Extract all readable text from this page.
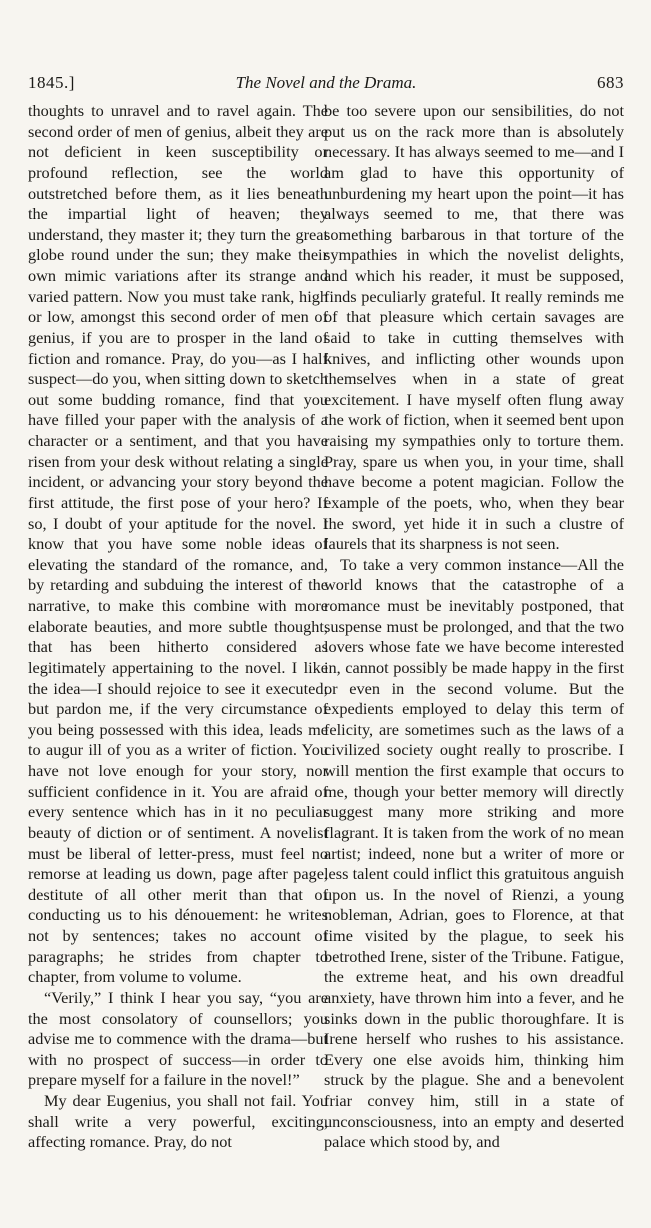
1845.]	The Novel and the Drama.	683

thoughts to unravel and to ravel again. The second order of men of genius, albeit they are not deficient in keen susceptibility or profound reflection, see the world outstretched before them, as it lies beneath the impartial light of heaven; they understand, they master it; they turn the great globe round under the sun; they make their own mimic variations after its strange and varied pattern. Now you must take rank, high or low, amongst this second order of men of genius, if you are to prosper in the land of fiction and romance. Pray, do you—as I half suspect—do you, when sitting down to sketch out some budding romance, find that you have filled your paper with the analysis of a character or a sentiment, and that you have risen from your desk without relating a single incident, or advancing your story beyond the first attitude, the first pose of your hero? If so, I doubt of your aptitude for the novel. I know that you have some noble ideas of elevating the standard of the romance, and, by retarding and subduing the interest of the narrative, to make this combine with more elaborate beauties, and more subtle thought, that has been hitherto considered as legitimately appertaining to the novel. I like the idea—I should rejoice to see it executed; but pardon me, if the very circumstance of you being possessed with this idea, leads me to augur ill of you as a writer of fiction. You have not love enough for your story, nor sufficient confidence in it. You are afraid of every sentence which has in it no peculiar beauty of diction or of sentiment. A novelist must be liberal of letter-press, must feel no remorse at leading us down, page after page, destitute of all other merit than that of conducting us to his dénouement: he writes not by sentences; takes no account of paragraphs; he strides from chapter to chapter, from volume to volume.

“Verily,” I think I hear you say, “you are the most consolatory of counsellors; you advise me to commence with the drama—but with no prospect of success—in order to prepare myself for a failure in the novel!”

My dear Eugenius, you shall not fail. You shall write a very powerful, exciting, affecting romance. Pray, do not

be too severe upon our sensibilities, do not put us on the rack more than is absolutely necessary. It has always seemed to me—and I am glad to have this opportunity of unburdening my heart upon the point—it has always seemed to me, that there was something barbarous in that torture of the sympathies in which the novelist delights, and which his reader, it must be supposed, finds peculiarly grateful. It really reminds me of that pleasure which certain savages are said to take in cutting themselves with knives, and inflicting other wounds upon themselves when in a state of great excitement. I have myself often flung away the work of fiction, when it seemed bent upon raising my sympathies only to torture them. Pray, spare us when you, in your time, shall have become a potent magician. Follow the example of the poets, who, when they bear the sword, yet hide it in such a clustre of laurels that its sharpness is not seen.

To take a very common instance—All the world knows that the catastrophe of a romance must be inevitably postponed, that suspense must be prolonged, and that the two lovers whose fate we have become interested in, cannot possibly be made happy in the first or even in the second volume. But the expedients employed to delay this term of felicity, are sometimes such as the laws of a civilized society ought really to proscribe. I will mention the first example that occurs to me, though your better memory will directly suggest many more striking and more flagrant. It is taken from the work of no mean artist; indeed, none but a writer of more or less talent could inflict this gratuitous anguish upon us. In the novel of Rienzi, a young nobleman, Adrian, goes to Florence, at that time visited by the plague, to seek his betrothed Irene, sister of the Tribune. Fatigue, the extreme heat, and his own dreadful anxiety, have thrown him into a fever, and he sinks down in the public thoroughfare. It is Irene herself who rushes to his assistance. Every one else avoids him, thinking him struck by the plague. She and a benevolent friar convey him, still in a state of unconsciousness, into an empty and deserted palace which stood by, and
